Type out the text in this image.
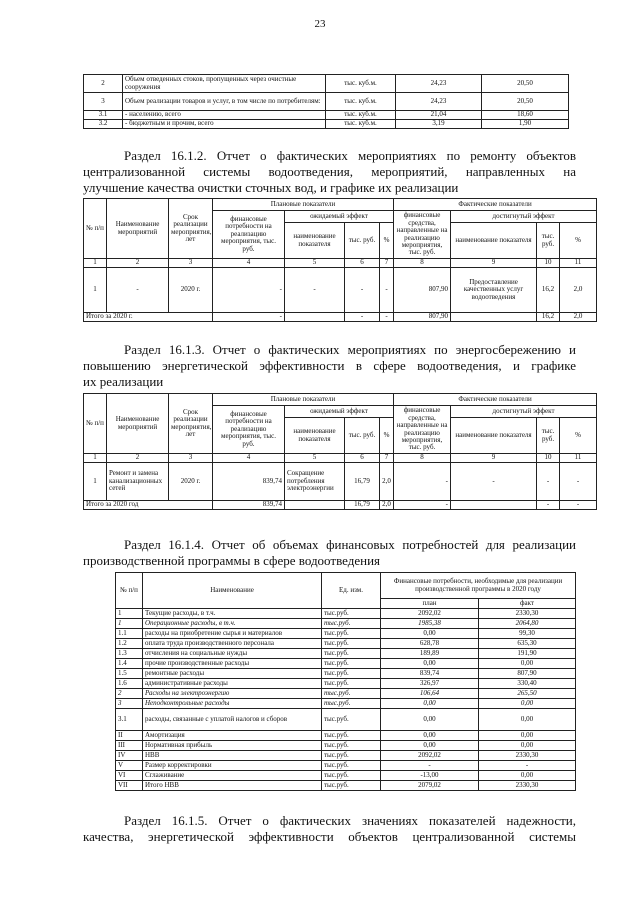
23
2	Объем отведенных стоков, пропущенных через очистные сооружения	тыс. куб.м.	24,23	20,50
3	Объем реализации товаров и услуг, в том числе по потребителям:	тыс. куб.м.	24,23	20,50
3.1	- населению, всего	тыс. куб.м.	21,04	18,60
3.2	- бюджетным и прочим, всего	тыс. куб.м.	3,19	1,90
Раздел 16.1.2. Отчет о фактических мероприятиях по ремонту объектов
централизованной системы водоотведения, мероприятий, направленных на
улучшение качества очистки сточных вод, и графике их реализации
№ п/п	Наименование мероприятий	Срок реализации мероприятия, лет	Плановые показатели				Фактические показатели			
			финансовые потребности на реализацию мероприятия, тыс. руб.	ожидаемый эффект			финансовые средства, направленные на реализацию мероприятия, тыс. руб.	достигнутый эффект		
				наименование показателя	тыс. руб.	%		наименование показателя	тыс. руб.	%
1	2	3	4	5	6	7	8	9	10	11
1	-	2020 г.	-	-	-	-	807,90	Предоставление качественных услуг водоотведения	16,2	2,0
Итого за 2020 г.			-		-	-	807,90		16,2	2,0
Раздел 16.1.3. Отчет о фактических мероприятиях по энергосбережению и
повышению энергетической эффективности в сфере водоотведения, и графике
их реализации
№ п/п	Наименование мероприятий	Срок реализации мероприятия, лет	Плановые показатели				Фактические показатели			
			финансовые потребности на реализацию мероприятия, тыс. руб.	ожидаемый эффект			финансовые средства, направленные на реализацию мероприятия, тыс. руб.	достигнутый эффект		
				наименование показателя	тыс. руб.	%		наименование показателя	тыс. руб.	%
1	2	3	4	5	6	7	8	9	10	11
1	Ремонт и замена канализационных сетей	2020 г.	839,74	Сокращение потребления электроэнергии	16,79	2,0	-	-	-	-
Итого за 2020 год			839,74		16,79	2,0	-		-	-
Раздел 16.1.4. Отчет об объемах финансовых потребностей для реализации
производственной программы в сфере водоотведения
№ п/п	Наименование	Ед. изм.	Финансовые потребности, необходимые для реализации производственной программы в 2020 году	
			план	факт
1	Текущие расходы, в т.ч.	тыс.руб.	2092,02	2330,30
1	Операционные расходы, в т.ч.	тыс.руб.	1985,38	2064,80
1.1	расходы на приобретение сырья и материалов	тыс.руб.	0,00	99,30
1.2	оплата труда производственного персонала	тыс.руб.	628,78	635,30
1.3	отчисления на социальные нужды	тыс.руб.	189,89	191,90
1.4	прочие производственные расходы	тыс.руб.	0,00	0,00
1.5	ремонтные расходы	тыс.руб.	839,74	807,90
1.6	административные расходы	тыс.руб.	326,97	330,40
2	Расходы на электроэнергию	тыс.руб.	106,64	265,50
3	Неподконтрольные расходы	тыс.руб.	0,00	0,00
3.1	расходы, связанные с уплатой налогов и сборов	тыс.руб.	0,00	0,00
II	Амортизация	тыс.руб.	0,00	0,00
III	Нормативная прибыль	тыс.руб.	0,00	0,00
IV	НВВ	тыс.руб.	2092,02	2330,30
V	Размер корректировки	тыс.руб.	-	-
VI	Сглаживание	тыс.руб.	-13,00	0,00
VII	Итого НВВ	тыс.руб.	2079,02	2330,30
Раздел 16.1.5. Отчет о фактических значениях показателей надежности,
качества, энергетической эффективности объектов централизованной системы
